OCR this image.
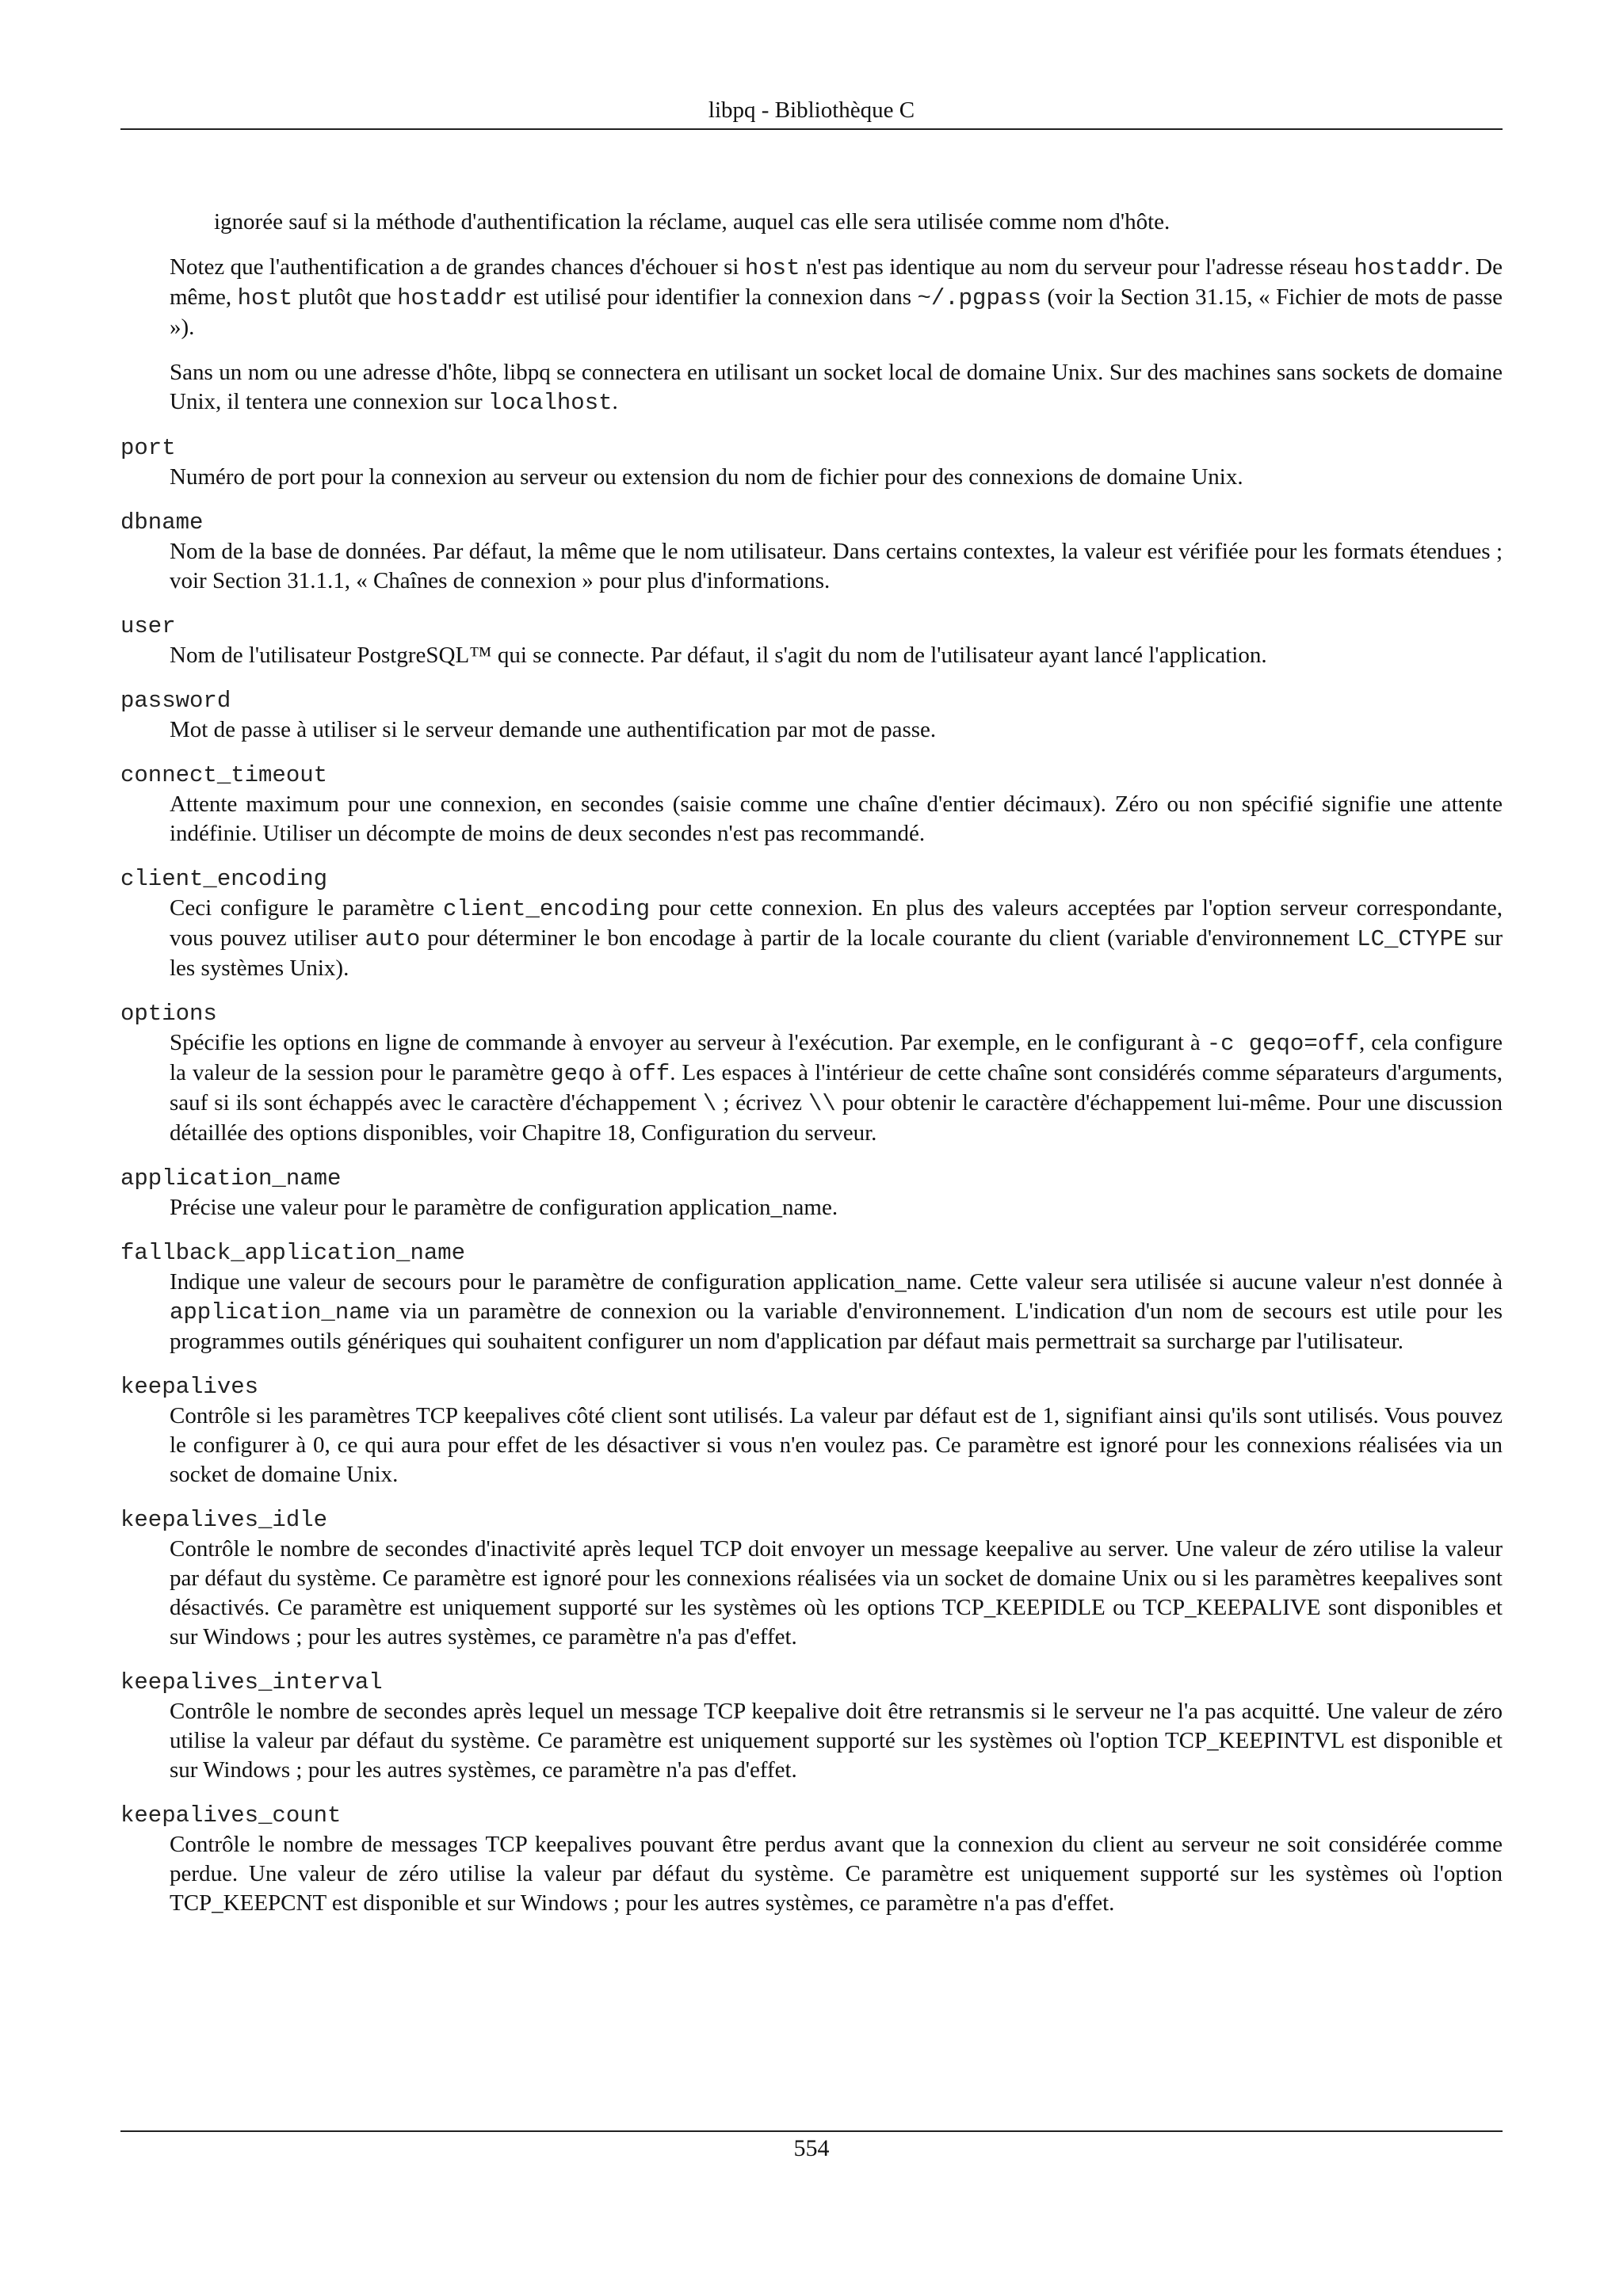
libpq - Bibliothèque C

ignorée sauf si la méthode d'authentification la réclame, auquel cas elle sera utilisée comme nom d'hôte.

Notez que l'authentification a de grandes chances d'échouer si host n'est pas identique au nom du serveur pour l'adresse réseau hostaddr. De même, host plutôt que hostaddr est utilisé pour identifier la connexion dans ~/.pgpass (voir la Section 31.15, « Fichier de mots de passe »).

Sans un nom ou une adresse d'hôte, libpq se connectera en utilisant un socket local de domaine Unix. Sur des machines sans sockets de domaine Unix, il tentera une connexion sur localhost.

port

Numéro de port pour la connexion au serveur ou extension du nom de fichier pour des connexions de domaine Unix.

dbname

Nom de la base de données. Par défaut, la même que le nom utilisateur. Dans certains contextes, la valeur est vérifiée pour les formats étendues ; voir Section 31.1.1, « Chaînes de connexion » pour plus d'informations.

user

Nom de l'utilisateur PostgreSQL™ qui se connecte. Par défaut, il s'agit du nom de l'utilisateur ayant lancé l'application.

password

Mot de passe à utiliser si le serveur demande une authentification par mot de passe.

connect_timeout

Attente maximum pour une connexion, en secondes (saisie comme une chaîne d'entier décimaux). Zéro ou non spécifié signifie une attente indéfinie. Utiliser un décompte de moins de deux secondes n'est pas recommandé.

client_encoding

Ceci configure le paramètre client_encoding pour cette connexion. En plus des valeurs acceptées par l'option serveur correspondante, vous pouvez utiliser auto pour déterminer le bon encodage à partir de la locale courante du client (variable d'environnement LC_CTYPE sur les systèmes Unix).

options

Spécifie les options en ligne de commande à envoyer au serveur à l'exécution. Par exemple, en le configurant à -c geqo=off, cela configure la valeur de la session pour le paramètre geqo à off. Les espaces à l'intérieur de cette chaîne sont considérés comme séparateurs d'arguments, sauf si ils sont échappés avec le caractère d'échappement \ ; écrivez \\ pour obtenir le caractère d'échappement lui-même. Pour une discussion détaillée des options disponibles, voir Chapitre 18, Configuration du serveur.

application_name

Précise une valeur pour le paramètre de configuration application_name.

fallback_application_name

Indique une valeur de secours pour le paramètre de configuration application_name. Cette valeur sera utilisée si aucune valeur n'est donnée à application_name via un paramètre de connexion ou la variable d'environnement. L'indication d'un nom de secours est utile pour les programmes outils génériques qui souhaitent configurer un nom d'application par défaut mais permettrait sa surcharge par l'utilisateur.

keepalives

Contrôle si les paramètres TCP keepalives côté client sont utilisés. La valeur par défaut est de 1, signifiant ainsi qu'ils sont utilisés. Vous pouvez le configurer à 0, ce qui aura pour effet de les désactiver si vous n'en voulez pas. Ce paramètre est ignoré pour les connexions réalisées via un socket de domaine Unix.

keepalives_idle

Contrôle le nombre de secondes d'inactivité après lequel TCP doit envoyer un message keepalive au server. Une valeur de zéro utilise la valeur par défaut du système. Ce paramètre est ignoré pour les connexions réalisées via un socket de domaine Unix ou si les paramètres keepalives sont désactivés. Ce paramètre est uniquement supporté sur les systèmes où les options TCP_KEEPIDLE ou TCP_KEEPALIVE sont disponibles et sur Windows ; pour les autres systèmes, ce paramètre n'a pas d'effet.

keepalives_interval

Contrôle le nombre de secondes après lequel un message TCP keepalive doit être retransmis si le serveur ne l'a pas acquitté. Une valeur de zéro utilise la valeur par défaut du système. Ce paramètre est uniquement supporté sur les systèmes où l'option TCP_KEEPINTVL est disponible et sur Windows ; pour les autres systèmes, ce paramètre n'a pas d'effet.

keepalives_count

Contrôle le nombre de messages TCP keepalives pouvant être perdus avant que la connexion du client au serveur ne soit considérée comme perdue. Une valeur de zéro utilise la valeur par défaut du système. Ce paramètre est uniquement supporté sur les systèmes où l'option TCP_KEEPCNT est disponible et sur Windows ; pour les autres systèmes, ce paramètre n'a pas d'effet.

554
